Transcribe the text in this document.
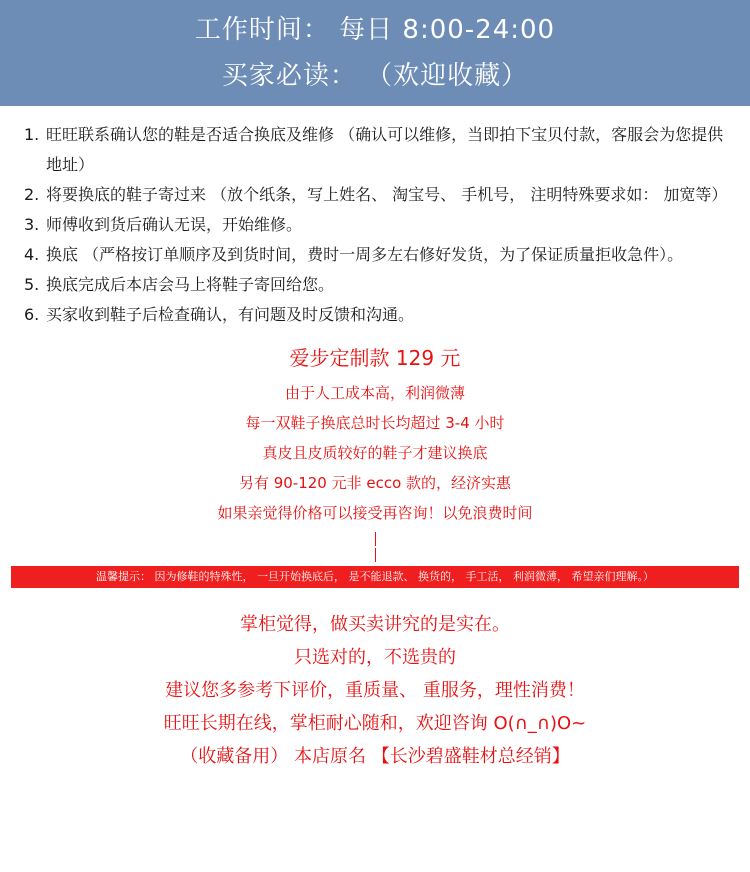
工作时间： 每日 8:00-24:00
买家必读： （欢迎收藏）
1. 旺旺联系确认您的鞋是否适合换底及维修 （确认可以维修，当即拍下宝贝付款，客服会为您提供地址）
2. 将要换底的鞋子寄过来 （放个纸条，写上姓名、 淘宝号、 手机号， 注明特殊要求如： 加宽等）
3. 师傅收到货后确认无误，开始维修。
4. 换底 （严格按订单顺序及到货时间，费时一周多左右修好发货，为了保证质量拒收急件）。
5. 换底完成后本店会马上将鞋子寄回给您。
6. 买家收到鞋子后检查确认，有问题及时反馈和沟通。
爱步定制款 129 元
由于人工成本高，利润微薄
每一双鞋子换底总时长均超过 3-4 小时
真皮且皮质较好的鞋子才建议换底
另有 90-120 元非 ecco 款的，经济实惠
如果亲觉得价格可以接受再咨询！以免浪费时间
温馨提示： 因为修鞋的特殊性， 一旦开始换底后， 是不能退款、 换货的， 手工活， 利润微薄， 希望亲们理解。）
掌柜觉得，做买卖讲究的是实在。
只选对的，不选贵的
建议您多参考下评价，重质量、 重服务，理性消费！
旺旺长期在线，掌柜耐心随和，欢迎咨询 O(∩_∩)O~
（收藏备用） 本店原名 【长沙碧盛鞋材总经销】
